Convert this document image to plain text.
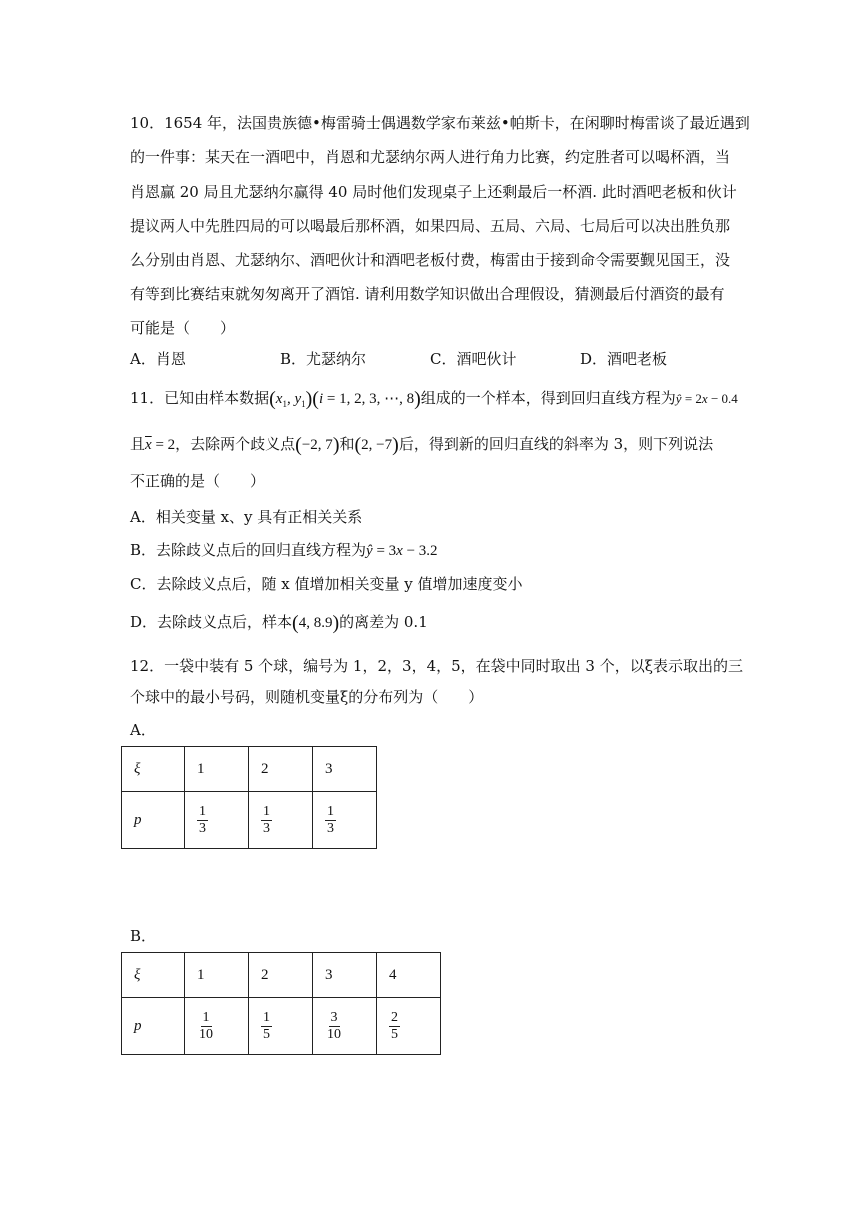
10．1654 年，法国贵族德•梅雷骑士偶遇数学家布莱兹•帕斯卡，在闲聊时梅雷谈了最近遇到
的一件事：某天在一酒吧中，肖恩和尤瑟纳尔两人进行角力比赛，约定胜者可以喝杯酒，当
肖恩赢 20 局且尤瑟纳尔赢得 40 局时他们发现桌子上还剩最后一杯酒. 此时酒吧老板和伙计
提议两人中先胜四局的可以喝最后那杯酒，如果四局、五局、六局、七局后可以决出胜负那
么分别由肖恩、尤瑟纳尔、酒吧伙计和酒吧老板付费，梅雷由于接到命令需要觐见国王，没
有等到比赛结束就匆匆离开了酒馆. 请利用数学知识做出合理假设，猜测最后付酒资的最有
可能是（　　）
A．肖恩	B．尤瑟纳尔	C．酒吧伙计	D．酒吧老板
11．已知由样本数据($x_1$, $y_1)(i = 1$, 2, 3, ⋯, 8)组成的一个样本，得到回归直线方程为ŷ = 2x − 0.4
且$\overline{x} = 2$，去除两个歧义点(−2, 7)和(2, −7)后，得到新的回归直线的斜率为 3，则下列说法
不正确的是（　　）
A．相关变量 x、y 具有正相关关系
B．去除歧义点后的回归直线方程为ŷ = 3x − 3.2
C．去除歧义点后，随 x 值增加相关变量 y 值增加速度变小
D．去除歧义点后，样本(4, 8.9)的离差为 0.1
12．一袋中装有 5 个球，编号为 1，2，3，4，5，在袋中同时取出 3 个，以ξ表示取出的三
个球中的最小号码，则随机变量ξ的分布列为（　　）
A．
ξ	1	2	3
p	$\frac{1}{3}$	$\frac{1}{3}$	$\frac{1}{3}$
B．
ξ	1	2	3	4
p	$\frac{1}{10}$	$\frac{1}{5}$	$\frac{3}{10}$	$\frac{2}{5}$
